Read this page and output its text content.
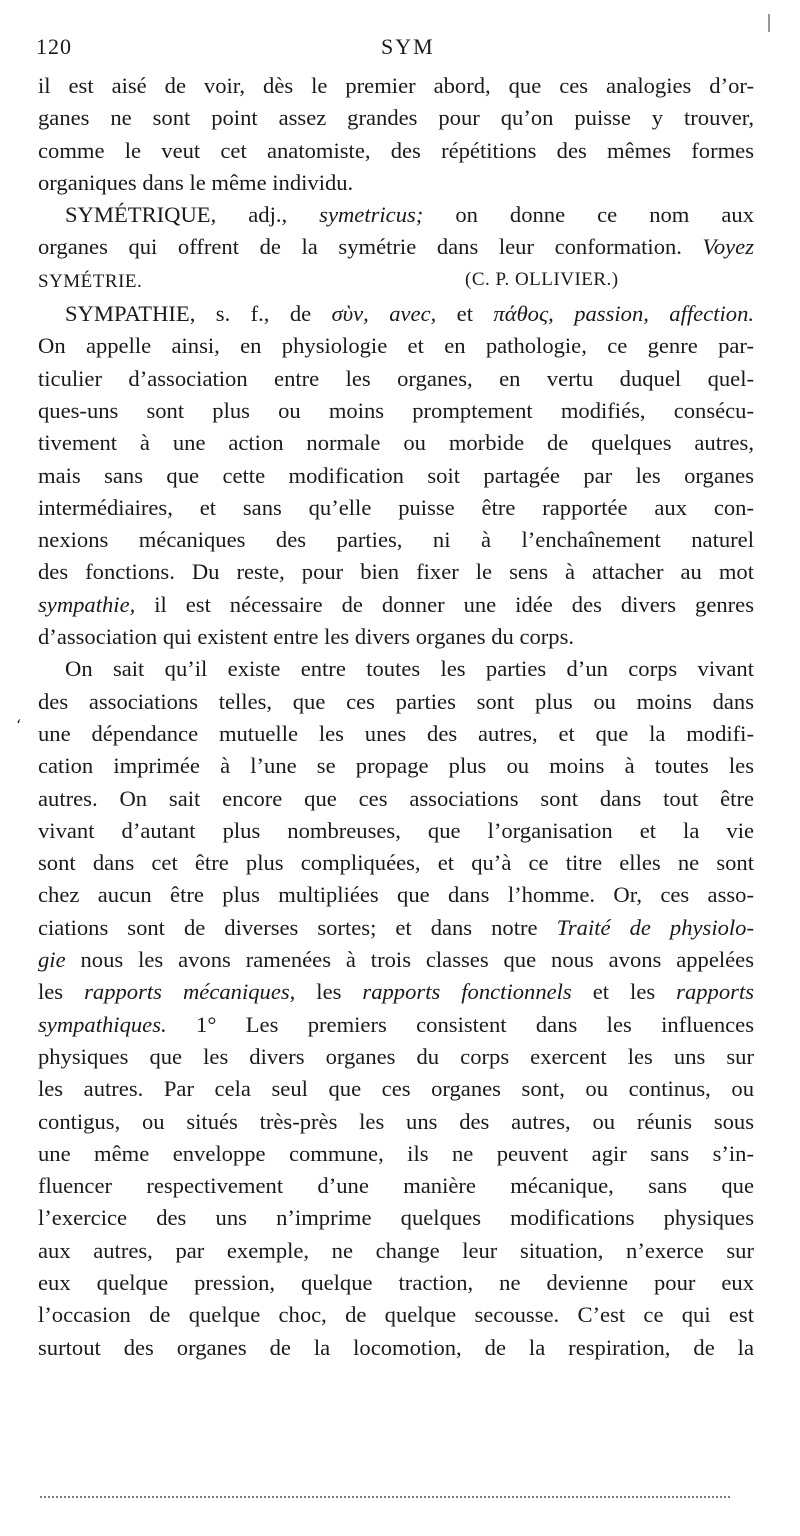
120	SYM
ʻ
il est aisé de voir, dès le premier abord, que ces analogies d’or-
ganes ne sont point assez grandes pour qu’on puisse y trouver,
comme le veut cet anatomiste, des répétitions des mêmes formes
organiques dans le même individu.
SYMÉTRIQUE, adj., symetricus; on donne ce nom aux
organes qui offrent de la symétrie dans leur conformation. Voyez
SYMÉTRIE.	(C. P. OLLIVIER.)
SYMPATHIE, s. f., de σὺν, avec, et πάθος, passion, affection.
On appelle ainsi, en physiologie et en pathologie, ce genre par-
ticulier d’association entre les organes, en vertu duquel quel-
ques-uns sont plus ou moins promptement modifiés, consécu-
tivement à une action normale ou morbide de quelques autres,
mais sans que cette modification soit partagée par les organes
intermédiaires, et sans qu’elle puisse être rapportée aux con-
nexions mécaniques des parties, ni à l’enchaînement naturel
des fonctions. Du reste, pour bien fixer le sens à attacher au mot
sympathie, il est nécessaire de donner une idée des divers genres
d’association qui existent entre les divers organes du corps.
On sait qu’il existe entre toutes les parties d’un corps vivant
des associations telles, que ces parties sont plus ou moins dans
une dépendance mutuelle les unes des autres, et que la modifi-
cation imprimée à l’une se propage plus ou moins à toutes les
autres. On sait encore que ces associations sont dans tout être
vivant d’autant plus nombreuses, que l’organisation et la vie
sont dans cet être plus compliquées, et qu’à ce titre elles ne sont
chez aucun être plus multipliées que dans l’homme. Or, ces asso-
ciations sont de diverses sortes; et dans notre Traité de physiolo-
gie nous les avons ramenées à trois classes que nous avons appelées
les rapports mécaniques, les rapports fonctionnels et les rapports
sympathiques. 1° Les premiers consistent dans les influences
physiques que les divers organes du corps exercent les uns sur
les autres. Par cela seul que ces organes sont, ou continus, ou
contigus, ou situés très-près les uns des autres, ou réunis sous
une même enveloppe commune, ils ne peuvent agir sans s’in-
fluencer respectivement d’une manière mécanique, sans que
l’exercice des uns n’imprime quelques modifications physiques
aux autres, par exemple, ne change leur situation, n’exerce sur
eux quelque pression, quelque traction, ne devienne pour eux
l’occasion de quelque choc, de quelque secousse. C’est ce qui est
surtout des organes de la locomotion, de la respiration, de la
